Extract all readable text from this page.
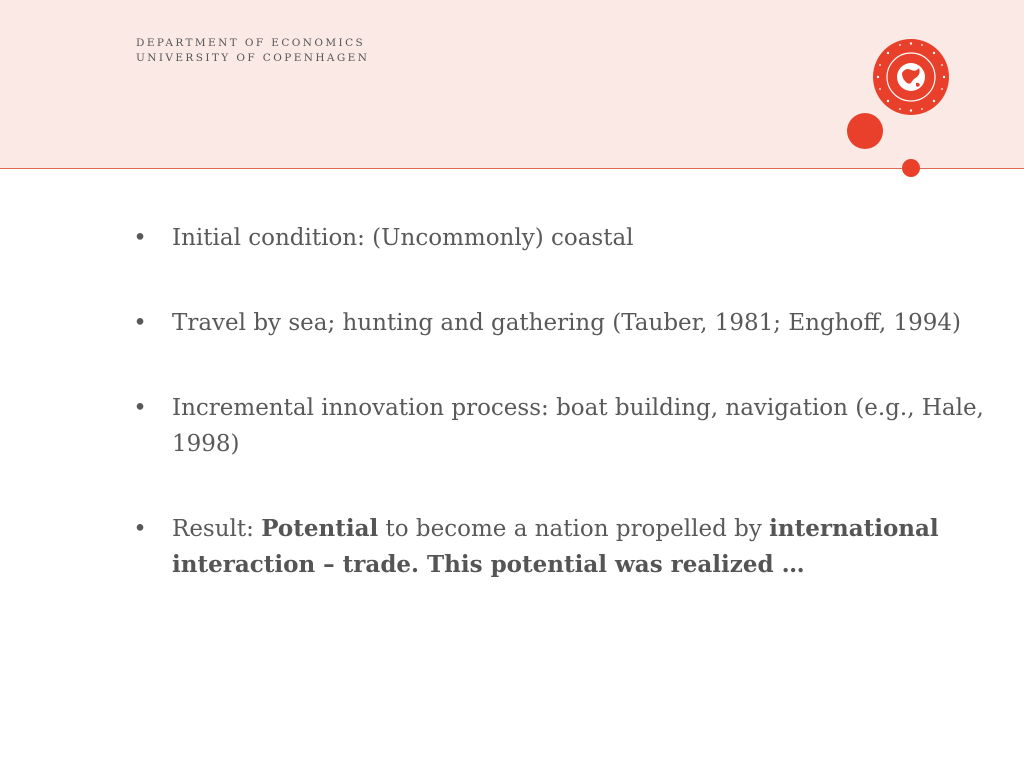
DEPARTMENT OF ECONOMICS
UNIVERSITY OF COPENHAGEN
• Initial condition: (Uncommonly) coastal
• Travel by sea; hunting and gathering (Tauber, 1981; Enghoff, 1994)
• Incremental innovation process: boat building, navigation (e.g., Hale, 1998)
• Result: Potential to become a nation propelled by international interaction – trade. This potential was realized …
